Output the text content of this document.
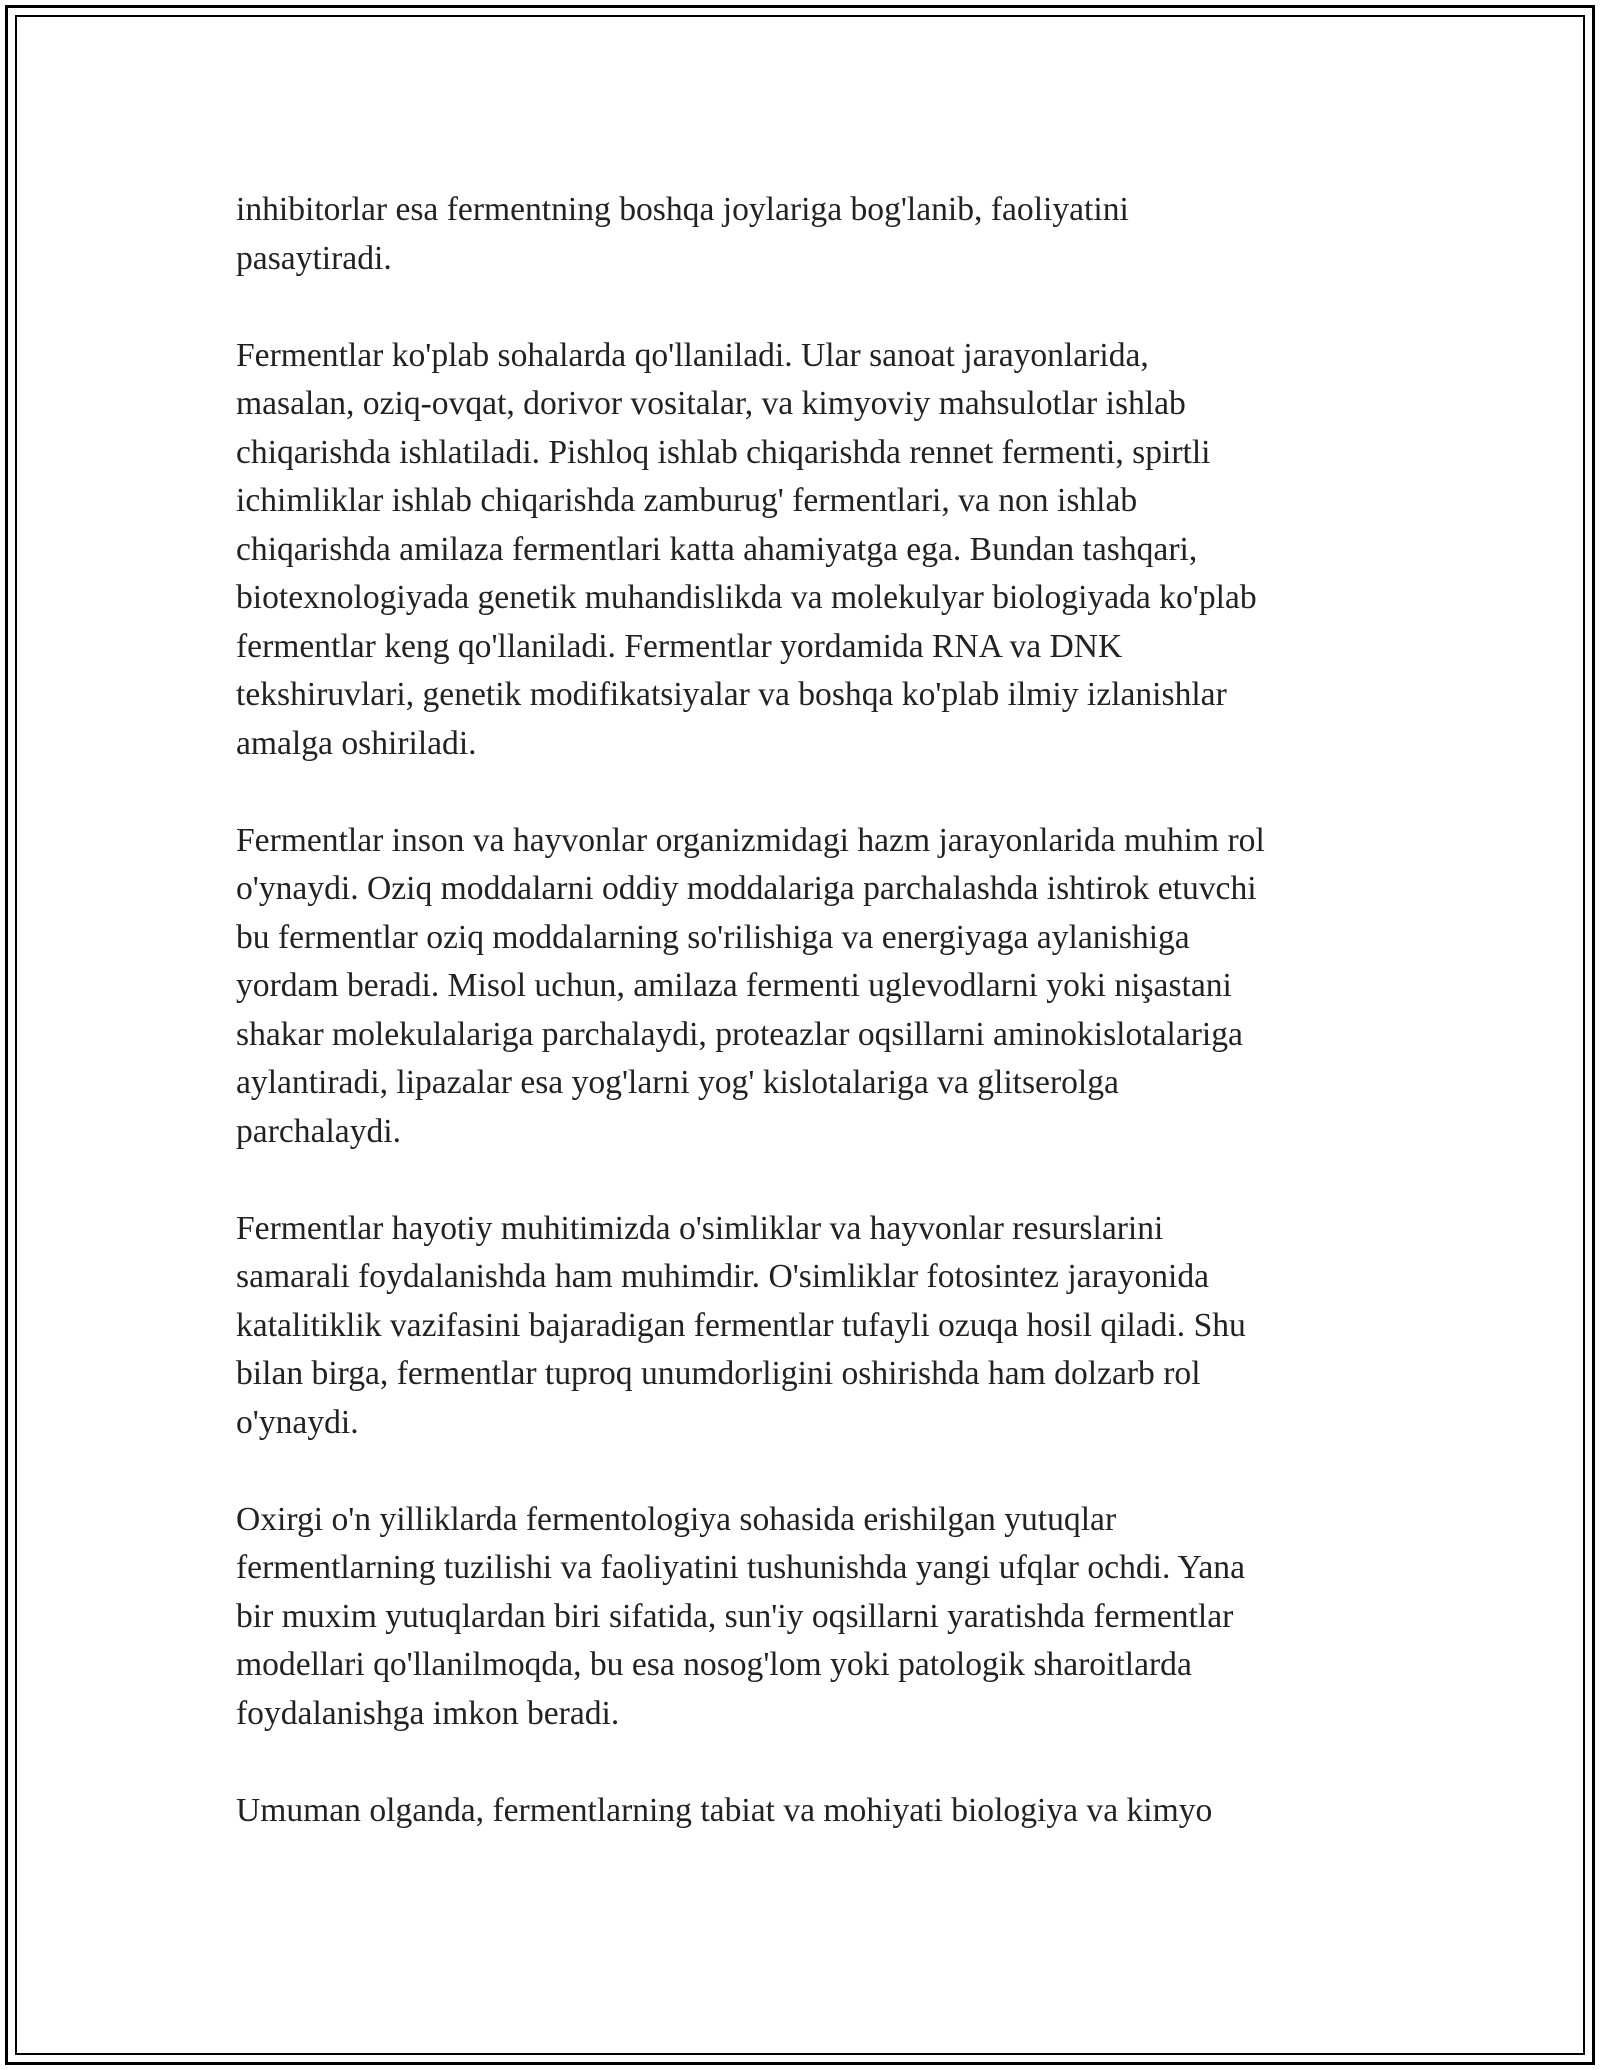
inhibitorlar esa fermentning boshqa joylariga bog'lanib, faoliyatini
pasaytiradi.

Fermentlar ko'plab sohalarda qo'llaniladi. Ular sanoat jarayonlarida,
masalan, oziq-ovqat, dorivor vositalar, va kimyoviy mahsulotlar ishlab
chiqarishda ishlatiladi. Pishloq ishlab chiqarishda rennet fermenti, spirtli
ichimliklar ishlab chiqarishda zamburug' fermentlari, va non ishlab
chiqarishda amilaza fermentlari katta ahamiyatga ega. Bundan tashqari,
biotexnologiyada genetik muhandislikda va molekulyar biologiyada ko'plab
fermentlar keng qo'llaniladi. Fermentlar yordamida RNA va DNK
tekshiruvlari, genetik modifikatsiyalar va boshqa ko'plab ilmiy izlanishlar
amalga oshiriladi.

Fermentlar inson va hayvonlar organizmidagi hazm jarayonlarida muhim rol
o'ynaydi. Oziq moddalarni oddiy moddalariga parchalashda ishtirok etuvchi
bu fermentlar oziq moddalarning so'rilishiga va energiyaga aylanishiga
yordam beradi. Misol uchun, amilaza fermenti uglevodlarni yoki nişastani
shakar molekulalariga parchalaydi, proteazlar oqsillarni aminokislotalariga
aylantiradi, lipazalar esa yog'larni yog' kislotalariga va glitserolga
parchalaydi.

Fermentlar hayotiy muhitimizda o'simliklar va hayvonlar resurslarini
samarali foydalanishda ham muhimdir. O'simliklar fotosintez jarayonida
katalitiklik vazifasini bajaradigan fermentlar tufayli ozuqa hosil qiladi. Shu
bilan birga, fermentlar tuproq unumdorligini oshirishda ham dolzarb rol
o'ynaydi.

Oxirgi o'n yilliklarda fermentologiya sohasida erishilgan yutuqlar
fermentlarning tuzilishi va faoliyatini tushunishda yangi ufqlar ochdi. Yana
bir muxim yutuqlardan biri sifatida, sun'iy oqsillarni yaratishda fermentlar
modellari qo'llanilmoqda, bu esa nosog'lom yoki patologik sharoitlarda
foydalanishga imkon beradi.

Umuman olganda, fermentlarning tabiat va mohiyati biologiya va kimyo
